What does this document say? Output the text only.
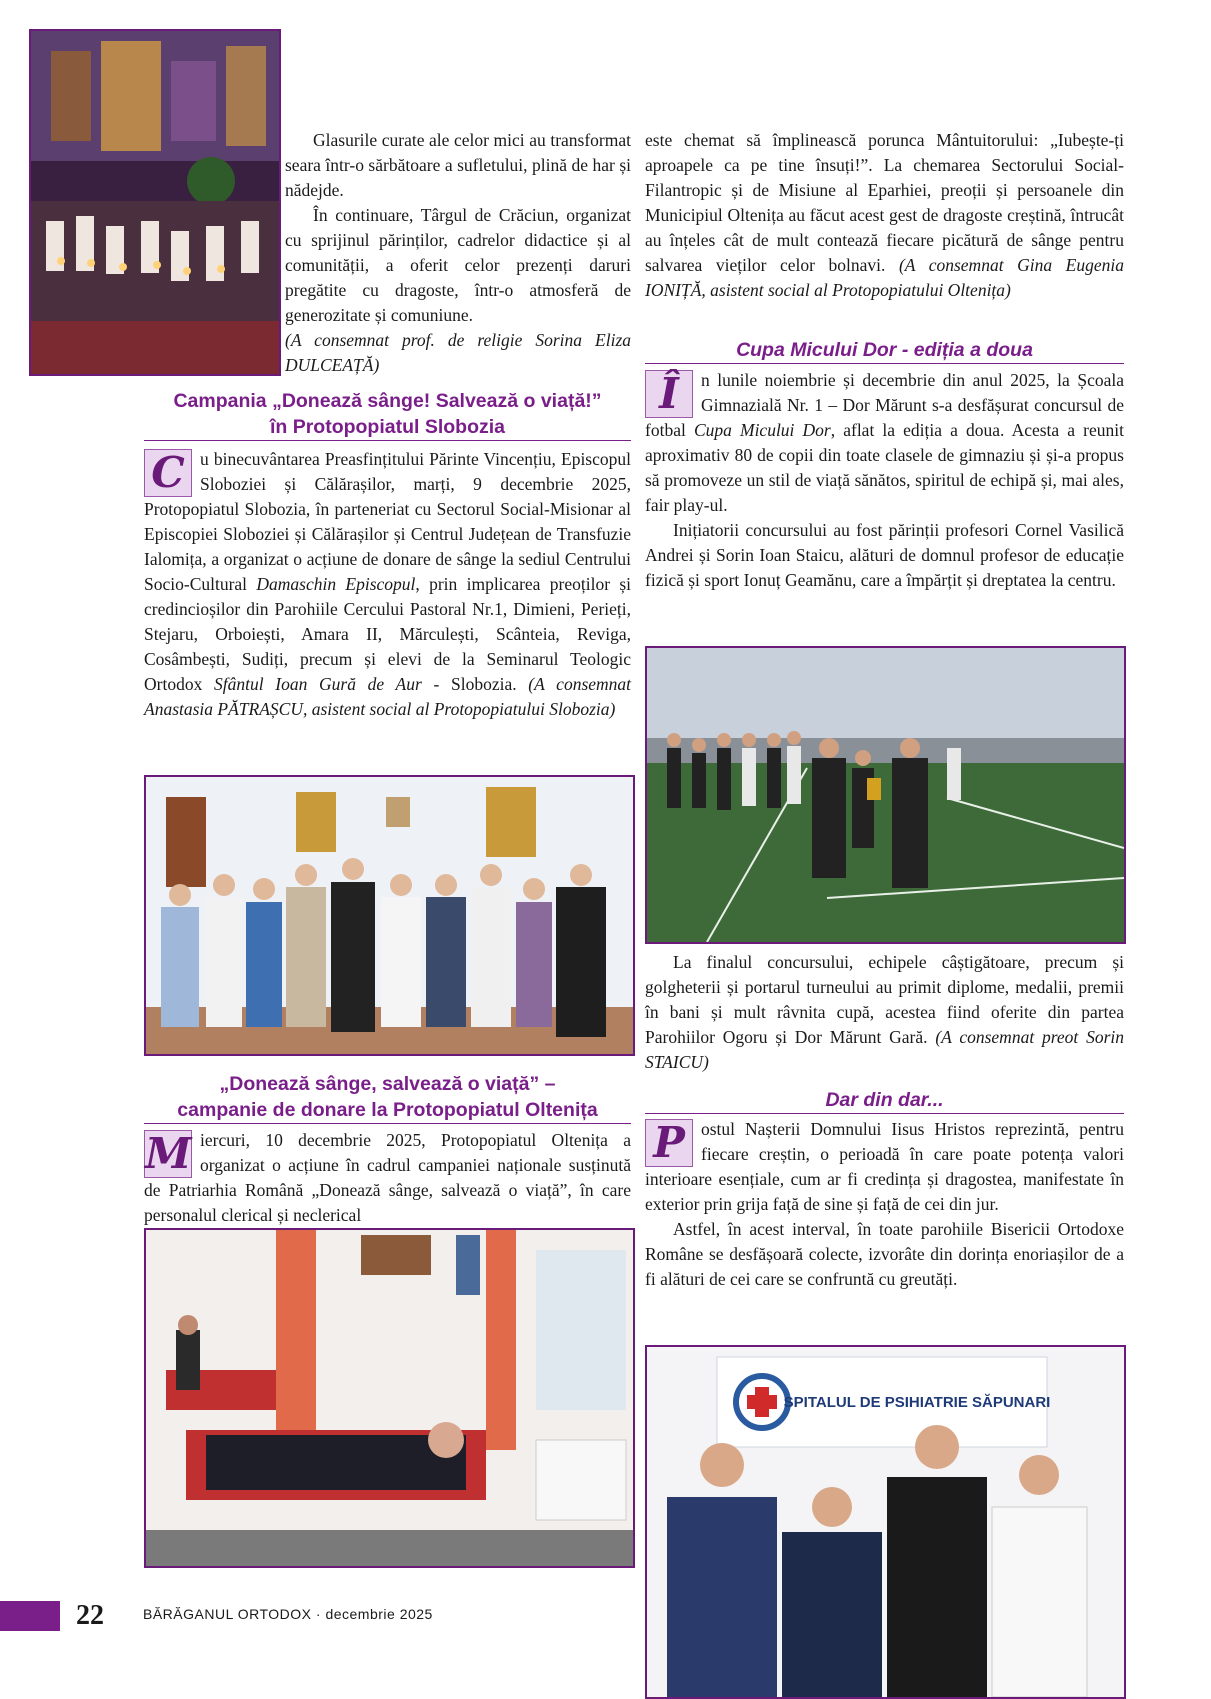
Glasurile curate ale celor mici au transformat seara într-o sărbătoare a sufletului, plină de har și nădejde.

În continuare, Târgul de Crăciun, organizat cu sprijinul părinților, cadrelor didactice și al comunității, a oferit celor prezenți daruri pregătite cu dragoste, într-o atmosferă de generozitate și comuniune.

(A consemnat prof. de religie Sorina Eliza DULCEAȚĂ)

Campania „Donează sânge! Salvează o viață!”
în Protopopiatul Slobozia

C u binecuvântarea Preasfințitului Părinte Vincențiu, Episcopul Sloboziei și Călărașilor, marți, 9 decembrie 2025, Protopopiatul Slobozia, în parteneriat cu Sectorul Social-Misionar al Episcopiei Sloboziei și Călărașilor și Centrul Județean de Transfuzie Ialomița, a organizat o acțiune de donare de sânge la sediul Centrului Socio-Cultural Damaschin Episcopul, prin implicarea preoților și credincioșilor din Parohiile Cercului Pastoral Nr.1, Dimieni, Perieți, Stejaru, Orboiești, Amara II, Mărculești, Scânteia, Reviga, Cosâmbești, Sudiți, precum și elevi de la Seminarul Teologic Ortodox Sfântul Ioan Gură de Aur - Slobozia. (A consemnat Anastasia PĂTRAȘCU, asistent social al Protopopiatului Slobozia)

„Donează sânge, salvează o viață” –
campanie de donare la Protopopiatul Oltenița

M iercuri, 10 decembrie 2025, Protopopiatul Oltenița a organizat o acțiune în cadrul campaniei naționale susținută de Patriarhia Română „Donează sânge, salvează o viață”, în care personalul clerical și neclerical

este chemat să împlinească porunca Mântuitorului: „Iubește-ți aproapele ca pe tine însuți!”. La chemarea Sectorului Social-Filantropic și de Misiune al Eparhiei, preoții și persoanele din Municipiul Oltenița au făcut acest gest de dragoste creștină, întrucât au înțeles cât de mult contează fiecare picătură de sânge pentru salvarea vieților celor bolnavi. (A consemnat Gina Eugenia IONIȚĂ, asistent social al Protopopiatului Oltenița)

Cupa Micului Dor - ediția a doua

Î	n lunile noiembrie și decembrie din anul 2025, la Școala Gimnazială Nr. 1 – Dor Mărunt s-a desfășurat concursul de fotbal Cupa Micului Dor, aflat la ediția a doua. Acesta a reunit aproximativ 80 de copii din toate clasele de gimnaziu și și-a propus să promoveze un stil de viață sănătos, spiritul de echipă și, mai ales, fair play-ul.

Inițiatorii concursului au fost părinții profesori Cornel Vasilică Andrei și Sorin Ioan Staicu, alături de domnul profesor de educație fizică și sport Ionuț Geamănu, care a împărțit și dreptatea la centru.

La finalul concursului, echipele câștigătoare, precum și golgheterii și portarul turneului au primit diplome, medalii, premii în bani și mult râvnita cupă, acestea fiind oferite din partea Parohiilor Ogoru și Dor Mărunt Gară. (A consemnat preot Sorin STAICU)

Dar din dar...

P ostul Nașterii Domnului Iisus Hristos reprezintă, pentru fiecare creștin, o perioadă în care poate potența valori interioare esențiale, cum ar fi credința și dragostea, manifestate în exterior prin grija față de sine și față de cei din jur.

Astfel, în acest interval, în toate parohiile Bisericii Ortodoxe Române se desfășoară colecte, izvorâte din dorința enoriașilor de a fi alături de cei care se confruntă cu greutăți.

SPITALUL DE PSIHIATRIE SĂPUNARI
22	BĂRĂGANUL ORTODOX · decembrie 2025
